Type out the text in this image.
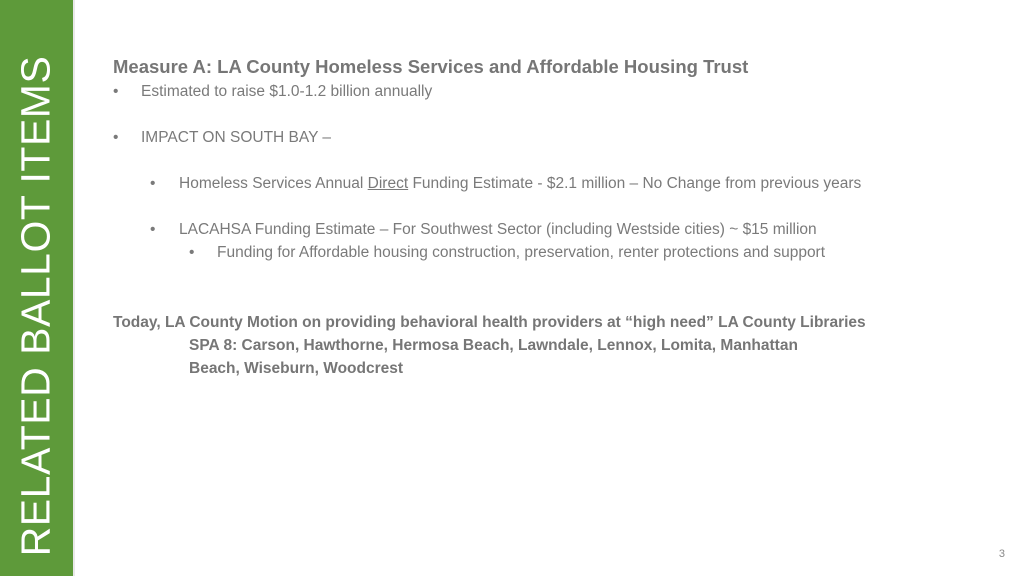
RELATED BALLOT ITEMS	Measure A: LA County Homeless Services and Affordable Housing Trust
• Estimated to raise $1.0-1.2 billion annually
• IMPACT ON SOUTH BAY –
• Homeless Services Annual Direct Funding Estimate - $2.1 million – No Change from previous years
• LACAHSA Funding Estimate – For Southwest Sector (including Westside cities) ~ $15 million
• Funding for Affordable housing construction, preservation, renter protections and support
Today, LA County Motion on providing behavioral health providers at “high need” LA County Libraries
SPA 8: Carson, Hawthorne, Hermosa Beach, Lawndale, Lennox, Lomita, Manhattan
Beach, Wiseburn, Woodcrest
3
